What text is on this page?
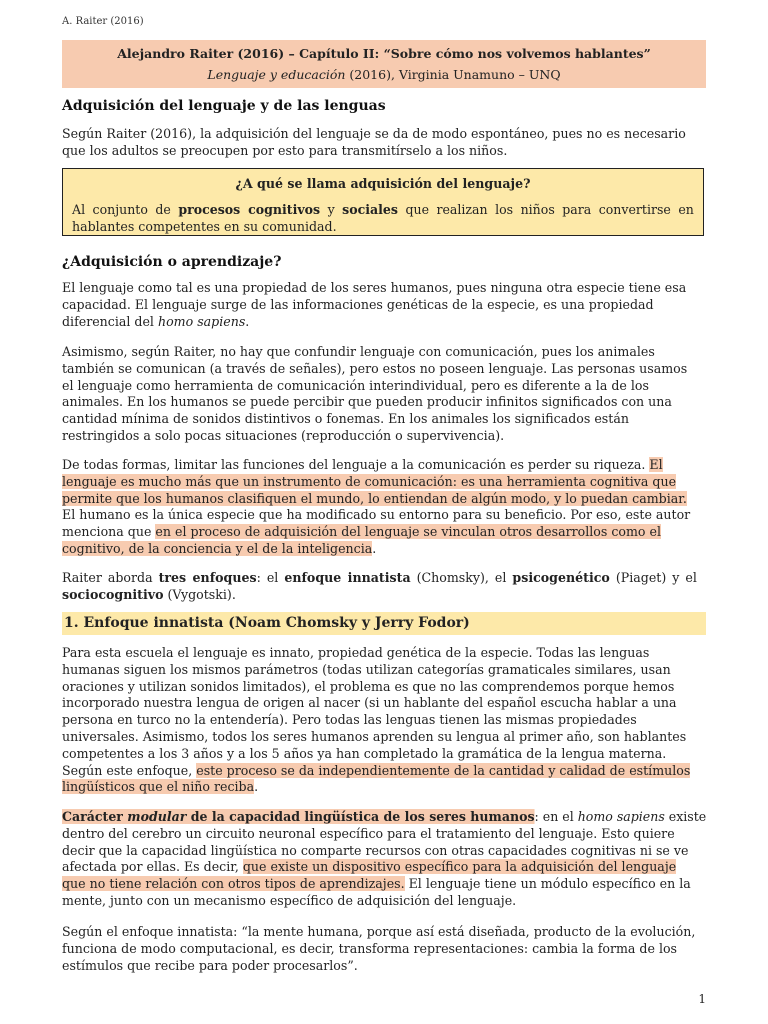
A. Raiter (2016)
Alejandro Raiter (2016) – Capítulo II: “Sobre cómo nos volvemos hablantes”
Lenguaje y educación (2016), Virginia Unamuno – UNQ
Adquisición del lenguaje y de las lenguas
Según Raiter (2016), la adquisición del lenguaje se da de modo espontáneo, pues no es necesario
que los adultos se preocupen por esto para transmitírselo a los niños.
¿A qué se llama adquisición del lenguaje?
Al conjunto de procesos cognitivos y sociales que realizan los niños para convertirse en
hablantes competentes en su comunidad.
¿Adquisición o aprendizaje?
El lenguaje como tal es una propiedad de los seres humanos, pues ninguna otra especie tiene esa
capacidad. El lenguaje surge de las informaciones genéticas de la especie, es una propiedad
diferencial del homo sapiens.
Asimismo, según Raiter, no hay que confundir lenguaje con comunicación, pues los animales
también se comunican (a través de señales), pero estos no poseen lenguaje. Las personas usamos
el lenguaje como herramienta de comunicación interindividual, pero es diferente a la de los
animales. En los humanos se puede percibir que pueden producir infinitos significados con una
cantidad mínima de sonidos distintivos o fonemas. En los animales los significados están
restringidos a solo pocas situaciones (reproducción o supervivencia).
De todas formas, limitar las funciones del lenguaje a la comunicación es perder su riqueza. El
lenguaje es mucho más que un instrumento de comunicación: es una herramienta cognitiva que
permite que los humanos clasifiquen el mundo, lo entiendan de algún modo, y lo puedan cambiar.
El humano es la única especie que ha modificado su entorno para su beneficio. Por eso, este autor
menciona que en el proceso de adquisición del lenguaje se vinculan otros desarrollos como el
cognitivo, de la conciencia y el de la inteligencia.
Raiter aborda tres enfoques: el enfoque innatista (Chomsky), el psicogenético (Piaget) y el
sociocognitivo (Vygotski).
1. Enfoque innatista (Noam Chomsky y Jerry Fodor)
Para esta escuela el lenguaje es innato, propiedad genética de la especie. Todas las lenguas
humanas siguen los mismos parámetros (todas utilizan categorías gramaticales similares, usan
oraciones y utilizan sonidos limitados), el problema es que no las comprendemos porque hemos
incorporado nuestra lengua de origen al nacer (si un hablante del español escucha hablar a una
persona en turco no la entendería). Pero todas las lenguas tienen las mismas propiedades
universales. Asimismo, todos los seres humanos aprenden su lengua al primer año, son hablantes
competentes a los 3 años y a los 5 años ya han completado la gramática de la lengua materna.
Según este enfoque, este proceso se da independientemente de la cantidad y calidad de estímulos
lingüísticos que el niño reciba.
Carácter modular de la capacidad lingüística de los seres humanos: en el homo sapiens existe
dentro del cerebro un circuito neuronal específico para el tratamiento del lenguaje. Esto quiere
decir que la capacidad lingüística no comparte recursos con otras capacidades cognitivas ni se ve
afectada por ellas. Es decir, que existe un dispositivo específico para la adquisición del lenguaje
que no tiene relación con otros tipos de aprendizajes. El lenguaje tiene un módulo específico en la
mente, junto con un mecanismo específico de adquisición del lenguaje.
Según el enfoque innatista: “la mente humana, porque así está diseñada, producto de la evolución,
funciona de modo computacional, es decir, transforma representaciones: cambia la forma de los
estímulos que recibe para poder procesarlos”.
1
